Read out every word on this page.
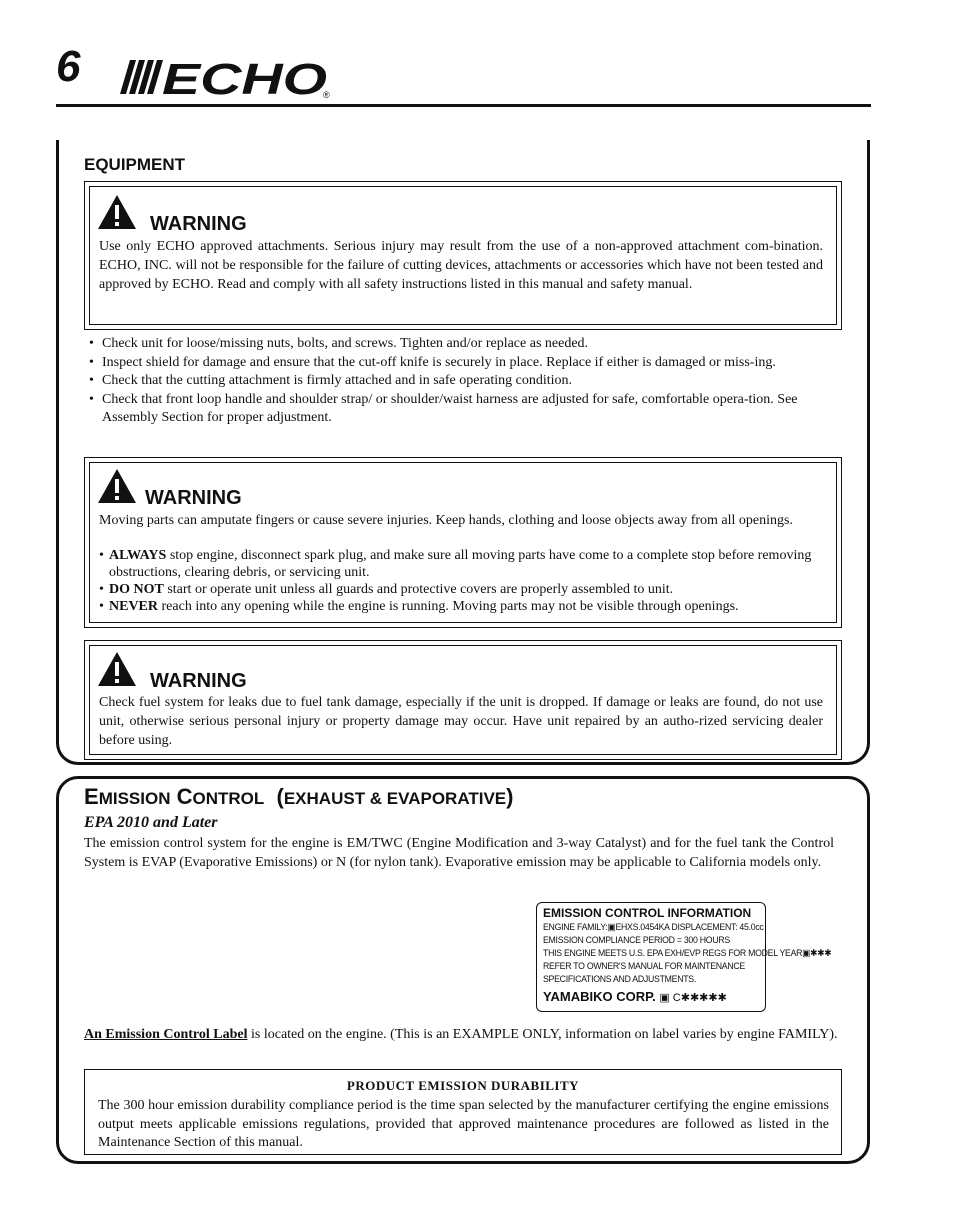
6 ECHO
®
EQUIPMENT
WARNING
Use only ECHO approved attachments. Serious injury may result from the use of a non-approved attachment com-bination. ECHO, INC. will not be responsible for the failure of cutting devices, attachments or accessories which have not been tested and approved by ECHO. Read and comply with all safety instructions listed in this manual and safety manual.
• Check unit for loose/missing nuts, bolts, and screws. Tighten and/or replace as needed.
• Inspect shield for damage and ensure that the cut-off knife is securely in place. Replace if either is damaged or miss-ing.
• Check that the cutting attachment is firmly attached and in safe operating condition.
• Check that front loop handle and shoulder strap/ or shoulder/waist harness are adjusted for safe, comfortable opera-tion. See Assembly Section for proper adjustment.
WARNING
Moving parts can amputate fingers or cause severe injuries. Keep hands, clothing and loose objects away from all openings.
• ALWAYS stop engine, disconnect spark plug, and make sure all moving parts have come to a complete stop before removing obstructions, clearing debris, or servicing unit.
• DO NOT start or operate unit unless all guards and protective covers are properly assembled to unit.
• NEVER reach into any opening while the engine is running. Moving parts may not be visible through openings.
WARNING
Check fuel system for leaks due to fuel tank damage, especially if the unit is dropped. If damage or leaks are found, do not use unit, otherwise serious personal injury or property damage may occur. Have unit repaired by an autho-rized servicing dealer before using.
EMISSION CONTROL (EXHAUST & EVAPORATIVE)
EPA 2010 and Later
The emission control system for the engine is EM/TWC (Engine Modification and 3-way Catalyst) and for the fuel tank the Control System is EVAP (Evaporative Emissions) or N (for nylon tank). Evaporative emission may be applicable to California models only.
EMISSION CONTROL INFORMATION
ENGINE FAMILY:▣EHXS.0454KA DISPLACEMENT: 45.0cc
EMISSION COMPLIANCE PERIOD = 300 HOURS
THIS ENGINE MEETS U.S. EPA EXH/EVP REGS FOR MODEL YEAR▣✱✱✱
REFER TO OWNER'S MANUAL FOR MAINTENANCE
SPECIFICATIONS AND ADJUSTMENTS.
YAMABIKO CORP. ▣ C✱✱✱✱✱
An Emission Control Label is located on the engine. (This is an EXAMPLE ONLY, information on label varies by engine FAMILY).
PRODUCT EMISSION DURABILITY
The 300 hour emission durability compliance period is the time span selected by the manufacturer certifying the engine emissions output meets applicable emissions regulations, provided that approved maintenance procedures are followed as listed in the Maintenance Section of this manual.
